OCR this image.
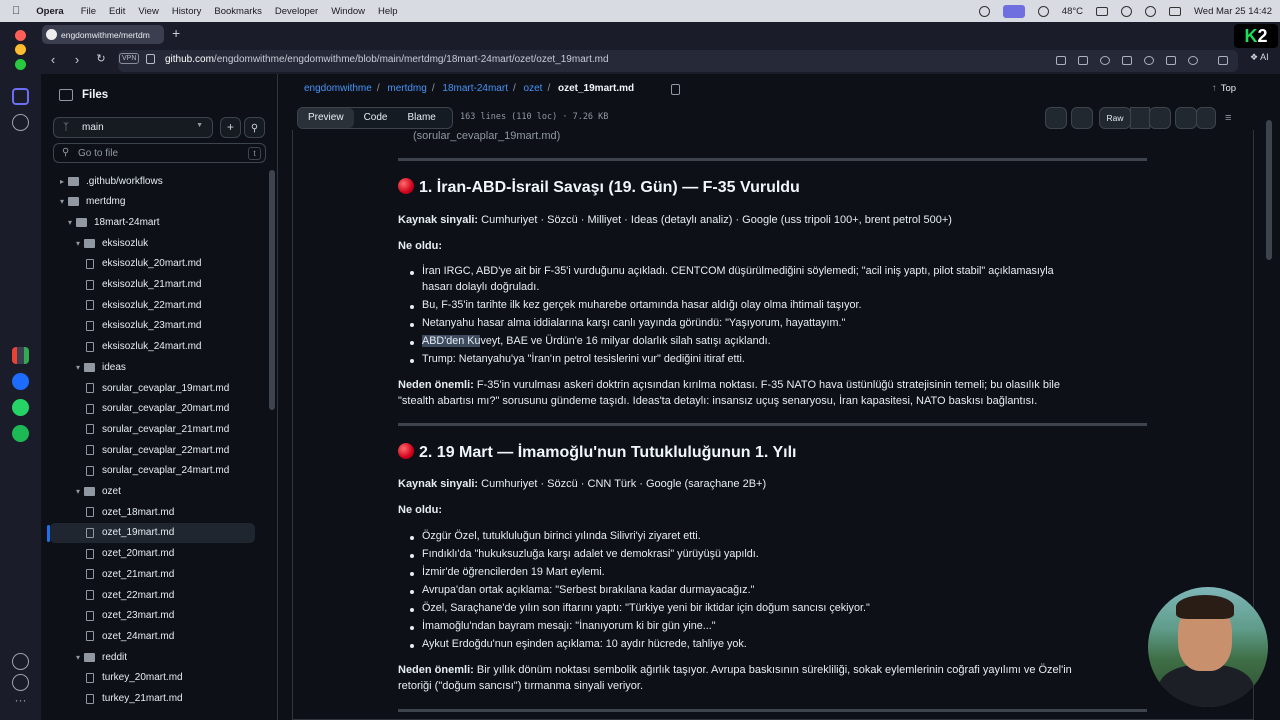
Opera File Edit View History Bookmarks Developer Window Help	48°C	Wed Mar 25 14:42
engdomwithme/mertdm +	K 2
‹	›	↻	VPN	github.com/engdomwithme/engdomwithme/blob/main/mertdmg/18mart-24mart/ozet/ozet_19mart.md	❖ AI
···
Files
ᛉ main	▼	+	⚲
⚲ Go to file	t
▸	.github/workflows
▾	mertdmg
▾	18mart-24mart
▾	eksisozluk
eksisozluk_20mart.md
eksisozluk_21mart.md
eksisozluk_22mart.md
eksisozluk_23mart.md
eksisozluk_24mart.md
▾	ideas
sorular_cevaplar_19mart.md
sorular_cevaplar_20mart.md
sorular_cevaplar_21mart.md
sorular_cevaplar_22mart.md
sorular_cevaplar_24mart.md
▾	ozet
ozet_18mart.md
ozet_19mart.md
ozet_20mart.md
ozet_21mart.md
ozet_22mart.md
ozet_23mart.md
ozet_24mart.md
▾	reddit
turkey_20mart.md
turkey_21mart.md
engdomwithme / mertdmg / 18mart-24mart / ozet / ozet_19mart.md	↑ Top
Preview	Code	Blame	163 lines (110 loc) · 7.26 KB	Raw	≡
(sorular_cevaplar_19mart.md)
1. İran-ABD-İsrail Savaşı (19. Gün) — F-35 Vuruldu
Kaynak sinyali: Cumhuriyet · Sözcü · Milliyet · Ideas (detaylı analiz) · Google (uss tripoli 100+, brent petrol 500+)
Ne oldu:
İran IRGC, ABD'ye ait bir F-35'i vurduğunu açıkladı. CENTCOM düşürülmediğini söylemedi; "acil iniş yaptı, pilot stabil" açıklamasıyla
hasarı dolaylı doğruladı.
Bu, F-35'in tarihte ilk kez gerçek muharebe ortamında hasar aldığı olay olma ihtimali taşıyor.
Netanyahu hasar alma iddialarına karşı canlı yayında göründü: "Yaşıyorum, hayattayım."
ABD'den Kuveyt, BAE ve Ürdün'e 16 milyar dolarlık silah satışı açıklandı.
Trump: Netanyahu'ya "İran'ın petrol tesislerini vur" dediğini itiraf etti.
Neden önemli: F-35'in vurulması askeri doktrin açısından kırılma noktası. F-35 NATO hava üstünlüğü stratejisinin temeli; bu olasılık bile
"stealth abartısı mı?" sorusunu gündeme taşıdı. Ideas'ta detaylı: insansız uçuş senaryosu, İran kapasitesi, NATO baskısı bağlantısı.
2. 19 Mart — İmamoğlu'nun Tutukluluğunun 1. Yılı
Kaynak sinyali: Cumhuriyet · Sözcü · CNN Türk · Google (saraçhane 2B+)
Ne oldu:
Özgür Özel, tutukluluğun birinci yılında Silivri'yi ziyaret etti.
Fındıklı'da "hukuksuzluğa karşı adalet ve demokrasi" yürüyüşü yapıldı.
İzmir'de öğrencilerden 19 Mart eylemi.
Avrupa'dan ortak açıklama: "Serbest bırakılana kadar durmayacağız."
Özel, Saraçhane'de yılın son iftarını yaptı: "Türkiye yeni bir iktidar için doğum sancısı çekiyor."
İmamoğlu'ndan bayram mesajı: "İnanıyorum ki bir gün yine..."
Aykut Erdoğdu'nun eşinden açıklama: 10 aydır hücrede, tahliye yok.
Neden önemli: Bir yıllık dönüm noktası sembolik ağırlık taşıyor. Avrupa baskısının sürekliliği, sokak eylemlerinin coğrafi yayılımı ve Özel'in
retoriği ("doğum sancısı") tırmanma sinyali veriyor.
